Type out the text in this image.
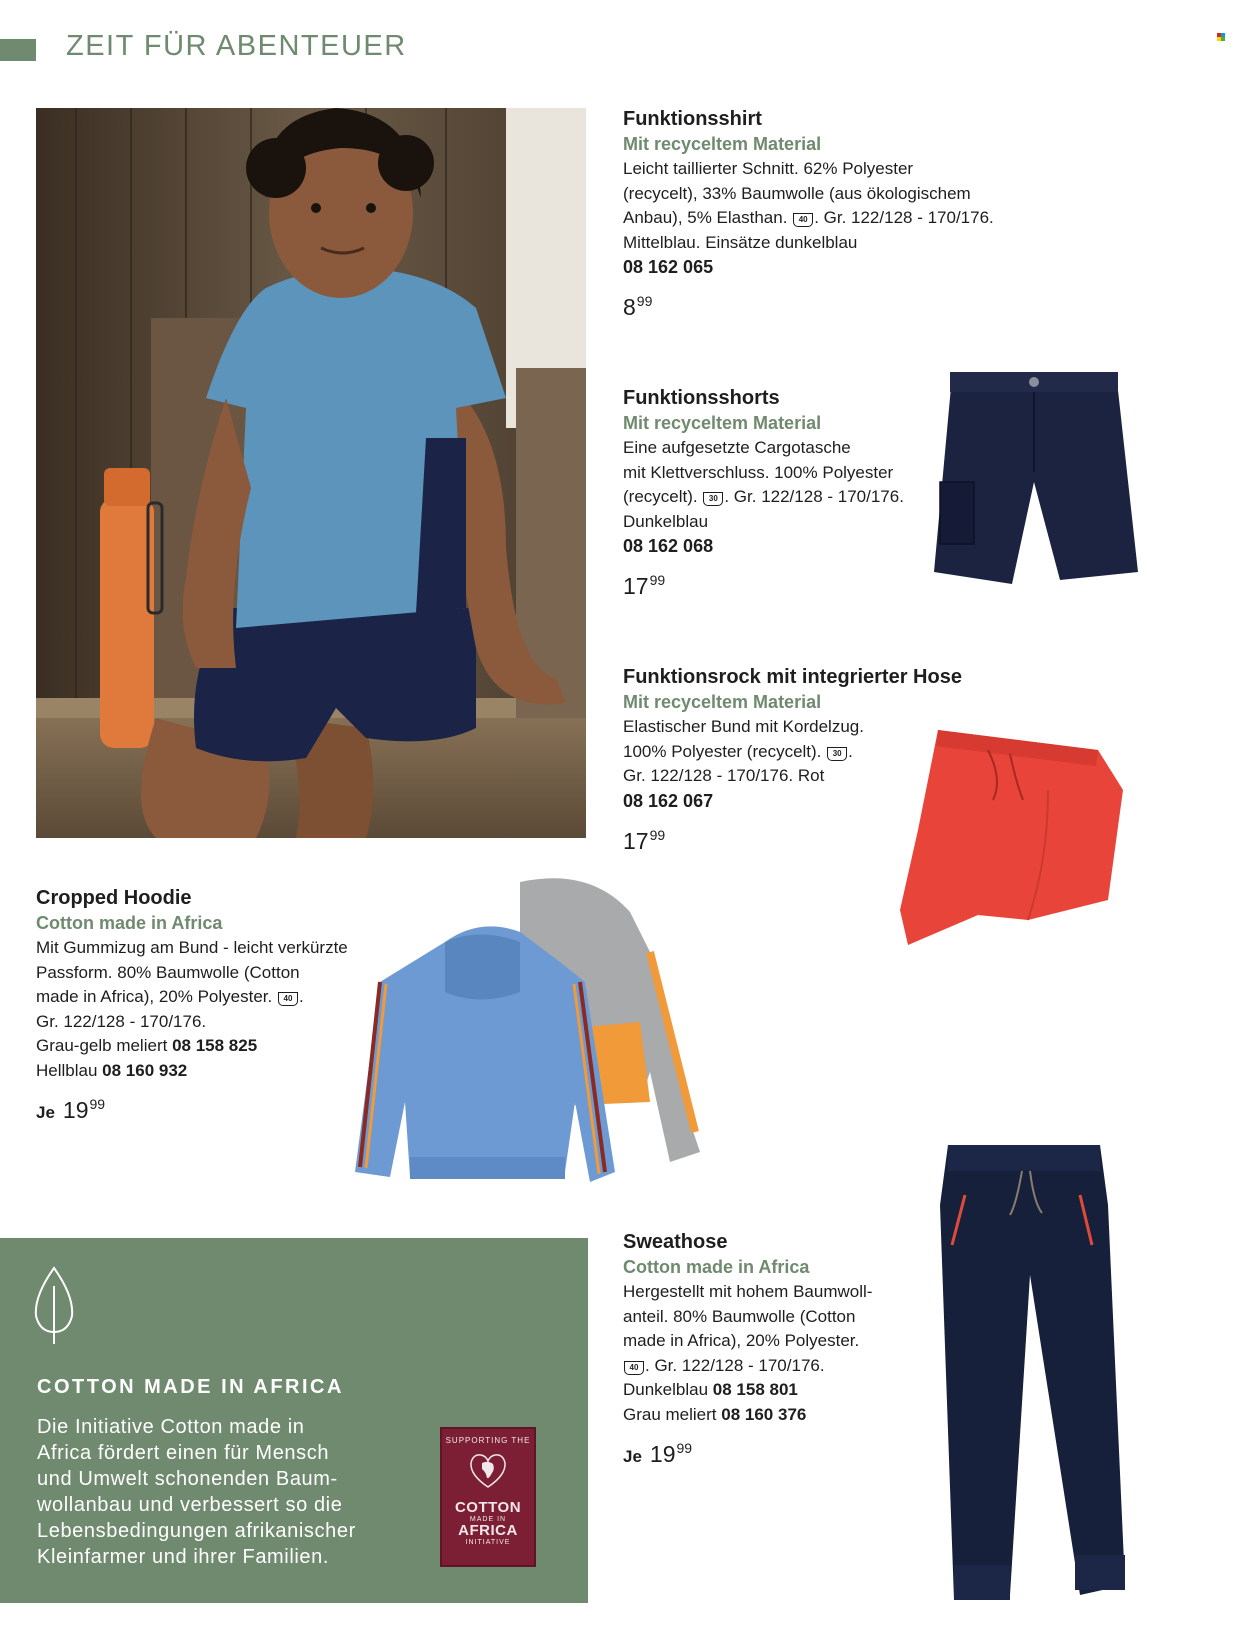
ZEIT FÜR ABENTEUER
Funktionsshirt
Mit recyceltem Material
Leicht taillierter Schnitt. 62% Polyester
(recycelt), 33% Baumwolle (aus ökologischem
Anbau), 5% Elasthan. 40 . Gr. 122/128 - 170/176.
Mittelblau. Einsätze dunkelblau
08 162 065
$8^{99}$
Funktionsshorts
Mit recyceltem Material
Eine aufgesetzte Cargotasche
mit Klettverschluss. 100% Polyester
(recycelt). 30 . Gr. 122/128 - 170/176.
Dunkelblau
08 162 068
$17^{99}$
Funktionsrock mit integrierter Hose
Mit recyceltem Material
Elastischer Bund mit Kordelzug.
100% Polyester (recycelt). 30 .
Gr. 122/128 - 170/176. Rot
08 162 067
$17^{99}$
Cropped Hoodie
Cotton made in Africa
Mit Gummizug am Bund - leicht verkürzte
Passform. 80% Baumwolle (Cotton
made in Africa), 20% Polyester. 40 .
Gr. 122/128 - 170/176.
Grau-gelb meliert 08 158 825
Hellblau 08 160 932
Je $19^{99}$
COTTON MADE IN AFRICA
Die Initiative Cotton made in
Africa fördert einen für Mensch
und Umwelt schonenden Baum-
wollanbau und verbessert so die
Lebensbedingungen afrikanischer
Kleinfarmer und ihrer Familien.
SUPPORTING THE
COTTON
MADE IN
AFRICA
INITIATIVE
Sweathose
Cotton made in Africa
Hergestellt mit hohem Baumwoll-
anteil. 80% Baumwolle (Cotton
made in Africa), 20% Polyester.
40 . Gr. 122/128 - 170/176.
Dunkelblau 08 158 801
Grau meliert 08 160 376
Je $19^{99}$
